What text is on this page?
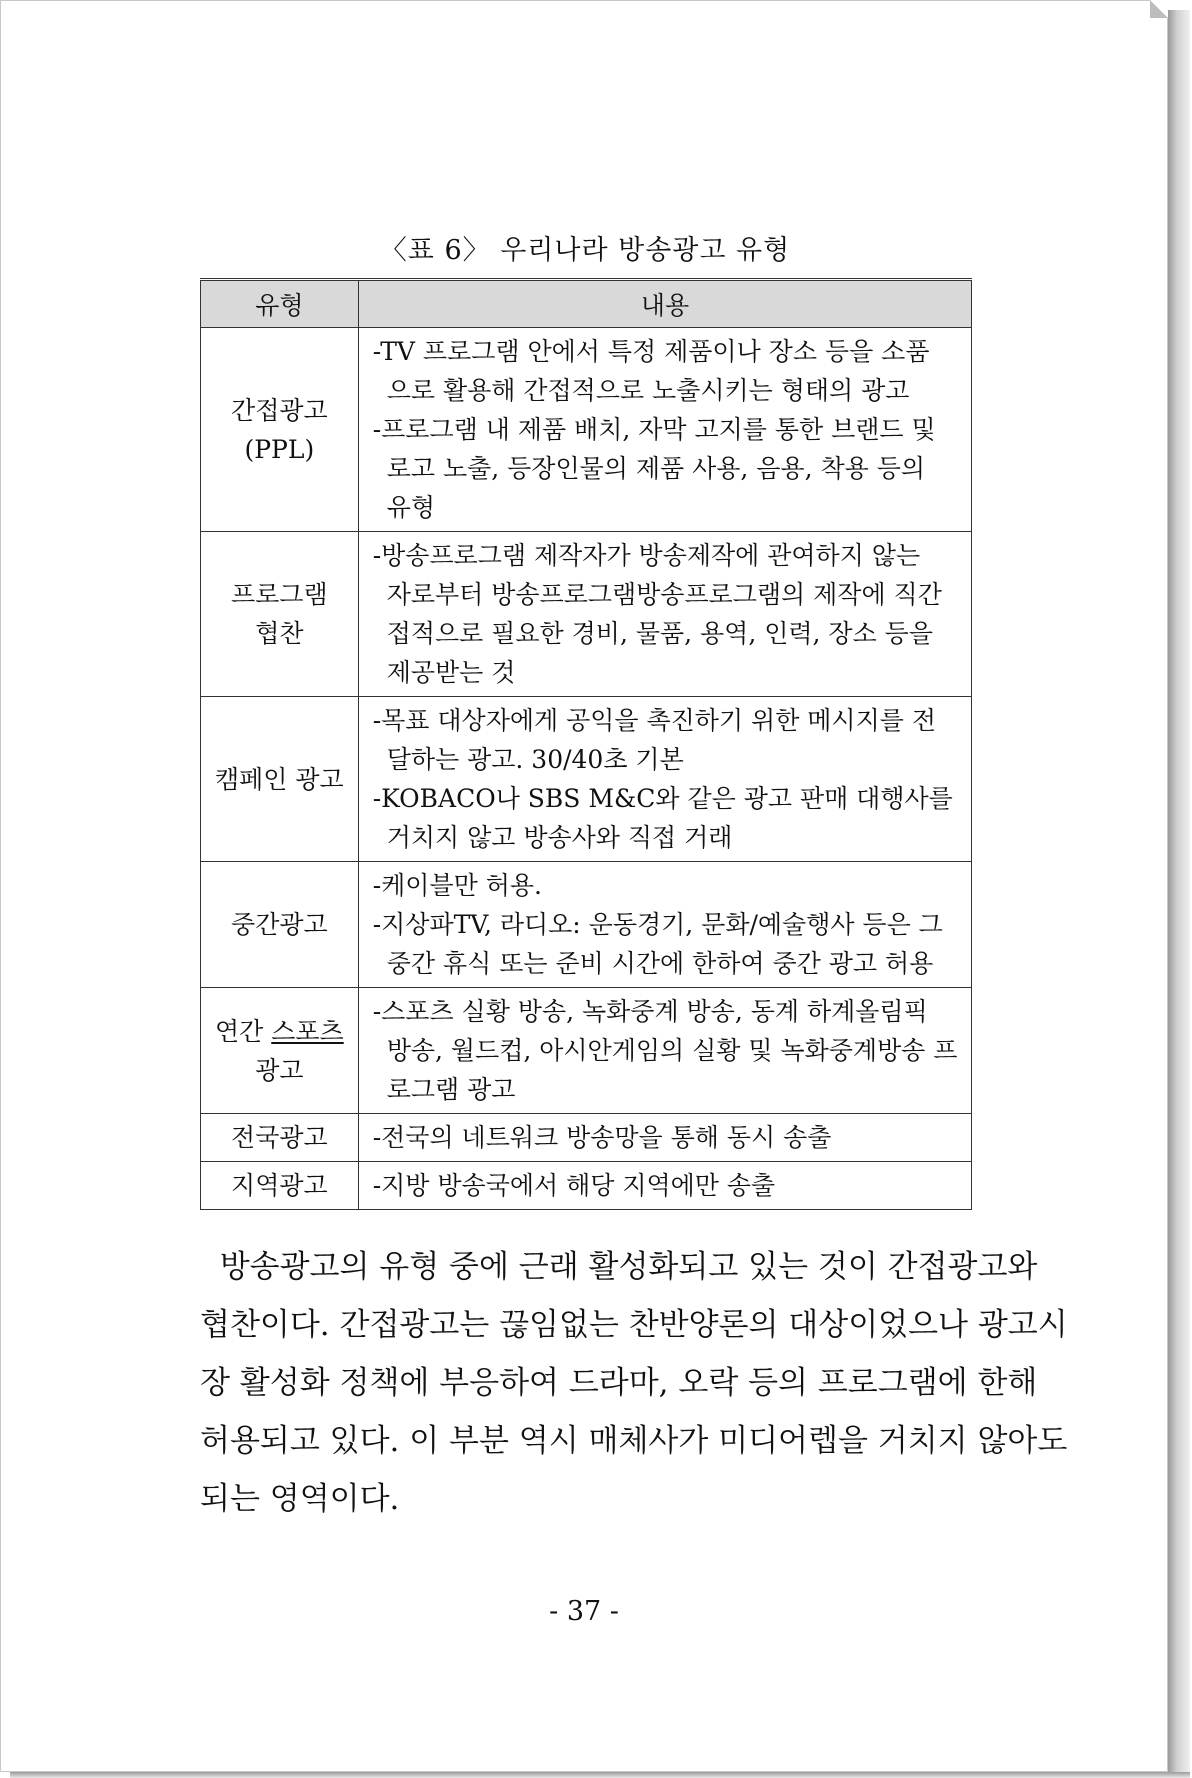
〈표 6〉 우리나라 방송광고 유형
유형	내용

간접광고
(PPL)	-TV 프로그램 안에서 특정 제품이나 장소 등을 소품
으로 활용해 간접적으로 노출시키는 형태의 광고
-프로그램 내 제품 배치, 자막 고지를 통한 브랜드 및
로고 노출, 등장인물의 제품 사용, 음용, 착용 등의
유형

프로그램
협찬	-방송프로그램 제작자가 방송제작에 관여하지 않는
자로부터 방송프로그램방송프로그램의 제작에 직간
접적으로 필요한 경비, 물품, 용역, 인력, 장소 등을
제공받는 것

캠페인 광고	-목표 대상자에게 공익을 촉진하기 위한 메시지를 전
달하는 광고. 30/40초 기본
-KOBACO나 SBS M&C와 같은 광고 판매 대행사를
거치지 않고 방송사와 직접 거래

중간광고	-케이블만 허용.
-지상파TV, 라디오: 운동경기, 문화/예술행사 등은 그
중간 휴식 또는 준비 시간에 한하여 중간 광고 허용

연간 스포츠
광고	-스포츠 실황 방송, 녹화중계 방송, 동계 하계올림픽
방송, 월드컵, 아시안게임의 실황 및 녹화중계방송 프
로그램 광고

전국광고	-전국의 네트워크 방송망을 통해 동시 송출

지역광고	-지방 방송국에서 해당 지역에만 송출
방송광고의 유형 중에 근래 활성화되고 있는 것이 간접광고와
협찬이다. 간접광고는 끊임없는 찬반양론의 대상이었으나 광고시
장 활성화 정책에 부응하여 드라마, 오락 등의 프로그램에 한해
허용되고 있다. 이 부분 역시 매체사가 미디어렙을 거치지 않아도
되는 영역이다.
- 37 -
